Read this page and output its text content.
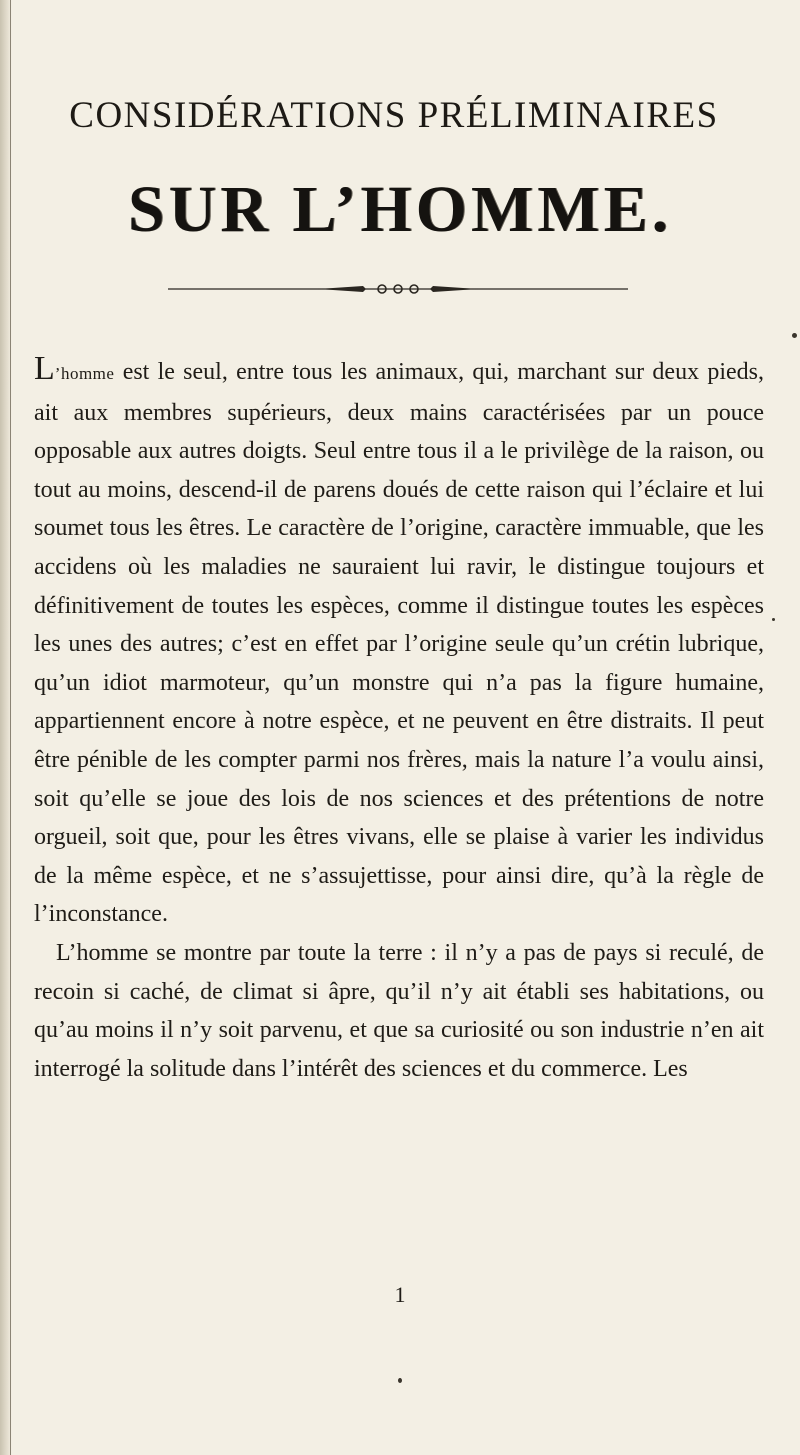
CONSIDÉRATIONS PRÉLIMINAIRES
SUR L’HOMME.

L’homme est le seul, entre tous les animaux, qui, marchant sur deux pieds, ait aux membres supérieurs, deux mains caractérisées par un pouce opposable aux autres doigts. Seul entre tous il a le privilège de la raison, ou tout au moins, descend-il de parens doués de cette raison qui l’éclaire et lui soumet tous les êtres. Le caractère de l’origine, caractère immuable, que les accidens où les maladies ne sauraient lui ravir, le distingue toujours et définitivement de toutes les espèces, comme il distingue toutes les espèces les unes des autres; c’est en effet par l’origine seule qu’un crétin lubrique, qu’un idiot marmoteur, qu’un monstre qui n’a pas la figure humaine, appartiennent encore à notre espèce, et ne peuvent en être distraits. Il peut être pénible de les compter parmi nos frères, mais la nature l’a voulu ainsi, soit qu’elle se joue des lois de nos sciences et des prétentions de notre orgueil, soit que, pour les êtres vivans, elle se plaise à varier les individus de la même espèce, et ne s’assujettisse, pour ainsi dire, qu’à la règle de l’inconstance.

L’homme se montre par toute la terre : il n’y a pas de pays si reculé, de recoin si caché, de climat si âpre, qu’il n’y ait établi ses habitations, ou qu’au moins il n’y soit parvenu, et que sa curiosité ou son industrie n’en ait interrogé la solitude dans l’intérêt des sciences et du commerce. Les

1
